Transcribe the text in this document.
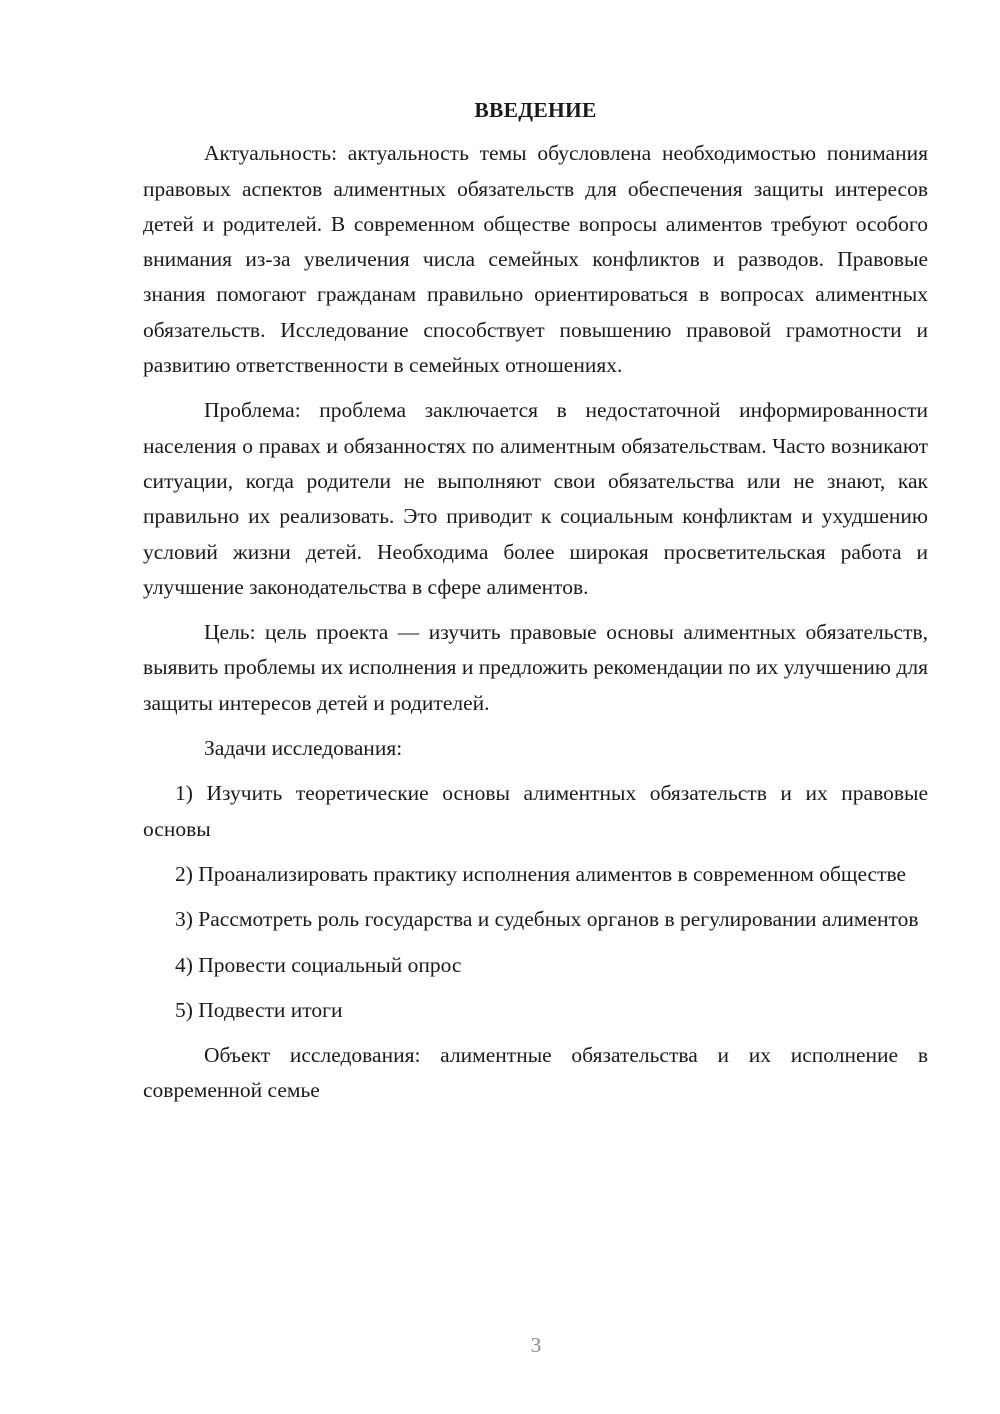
ВВЕДЕНИЕ

Актуальность: актуальность темы обусловлена необходимостью понимания правовых аспектов алиментных обязательств для обеспечения защиты интересов детей и родителей. В современном обществе вопросы алиментов требуют особого внимания из-за увеличения числа семейных конфликтов и разводов. Правовые знания помогают гражданам правильно ориентироваться в вопросах алиментных обязательств. Исследование способствует повышению правовой грамотности и развитию ответственности в семейных отношениях.

Проблема: проблема заключается в недостаточной информированности населения о правах и обязанностях по алиментным обязательствам. Часто возникают ситуации, когда родители не выполняют свои обязательства или не знают, как правильно их реализовать. Это приводит к социальным конфликтам и ухудшению условий жизни детей. Необходима более широкая просветительская работа и улучшение законодательства в сфере алиментов.

Цель: цель проекта — изучить правовые основы алиментных обязательств, выявить проблемы их исполнения и предложить рекомендации по их улучшению для защиты интересов детей и родителей.

Задачи исследования:

1) Изучить теоретические основы алиментных обязательств и их правовые основы

2) Проанализировать практику исполнения алиментов в современном обществе

3) Рассмотреть роль государства и судебных органов в регулировании алиментов

4) Провести социальный опрос

5) Подвести итоги

Объект исследования: алиментные обязательства и их исполнение в современной семье

3
